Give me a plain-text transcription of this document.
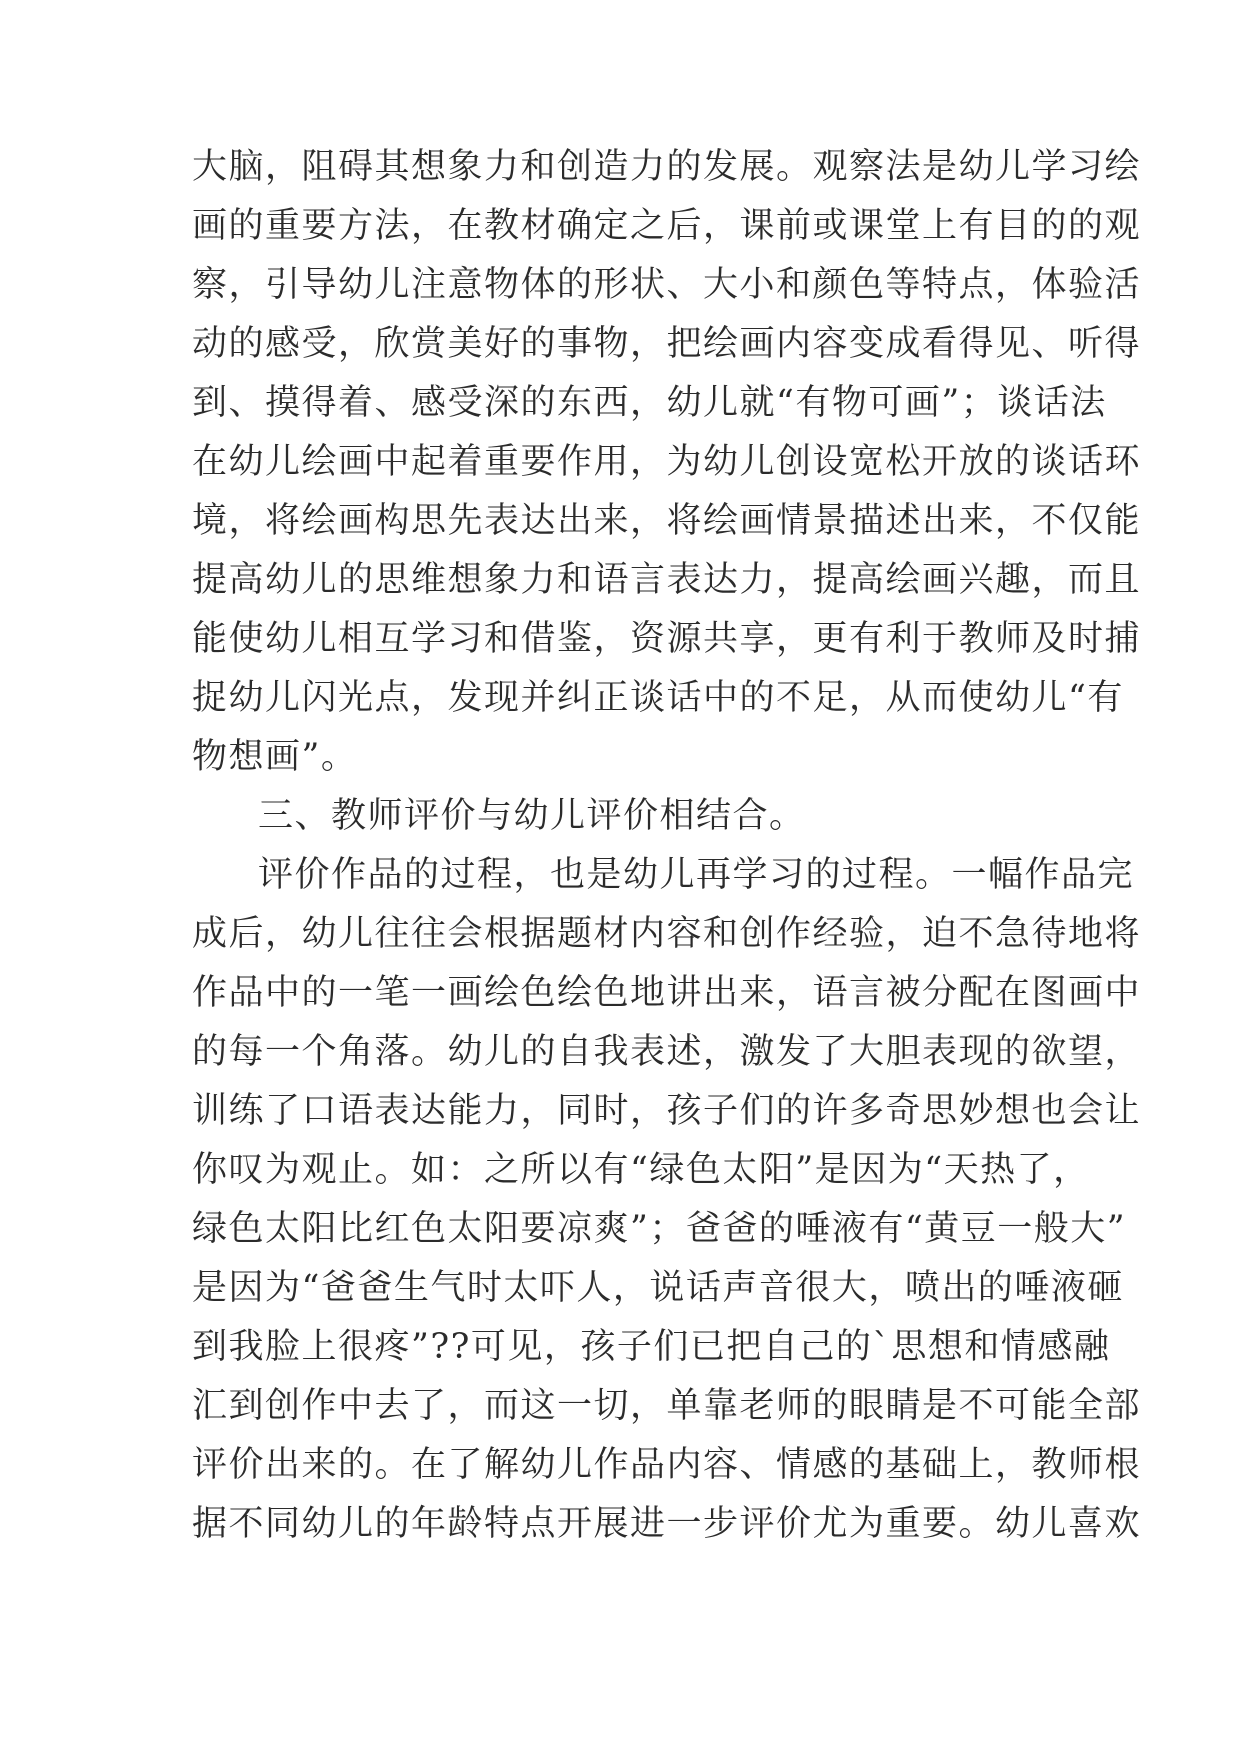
大脑，阻碍其想象力和创造力的发展。观察法是幼儿学习绘
画的重要方法，在教材确定之后，课前或课堂上有目的的观
察，引导幼儿注意物体的形状、大小和颜色等特点，体验活
动的感受，欣赏美好的事物，把绘画内容变成看得见、听得
到、摸得着、感受深的东西，幼儿就“有物可画”；谈话法
在幼儿绘画中起着重要作用，为幼儿创设宽松开放的谈话环
境，将绘画构思先表达出来，将绘画情景描述出来，不仅能
提高幼儿的思维想象力和语言表达力，提高绘画兴趣，而且
能使幼儿相互学习和借鉴，资源共享，更有利于教师及时捕
捉幼儿闪光点，发现并纠正谈话中的不足，从而使幼儿“有
物想画”。
三、教师评价与幼儿评价相结合。
评价作品的过程，也是幼儿再学习的过程。一幅作品完
成后，幼儿往往会根据题材内容和创作经验，迫不急待地将
作品中的一笔一画绘色绘色地讲出来，语言被分配在图画中
的每一个角落。幼儿的自我表述，激发了大胆表现的欲望，
训练了口语表达能力，同时，孩子们的许多奇思妙想也会让
你叹为观止。如：之所以有“绿色太阳”是因为“天热了，
绿色太阳比红色太阳要凉爽”；爸爸的唾液有“黄豆一般大”
是因为“爸爸生气时太吓人，说话声音很大，喷出的唾液砸
到我脸上很疼”??可见，孩子们已把自己的`思想和情感融
汇到创作中去了，而这一切，单靠老师的眼睛是不可能全部
评价出来的。在了解幼儿作品内容、情感的基础上，教师根
据不同幼儿的年龄特点开展进一步评价尤为重要。幼儿喜欢
